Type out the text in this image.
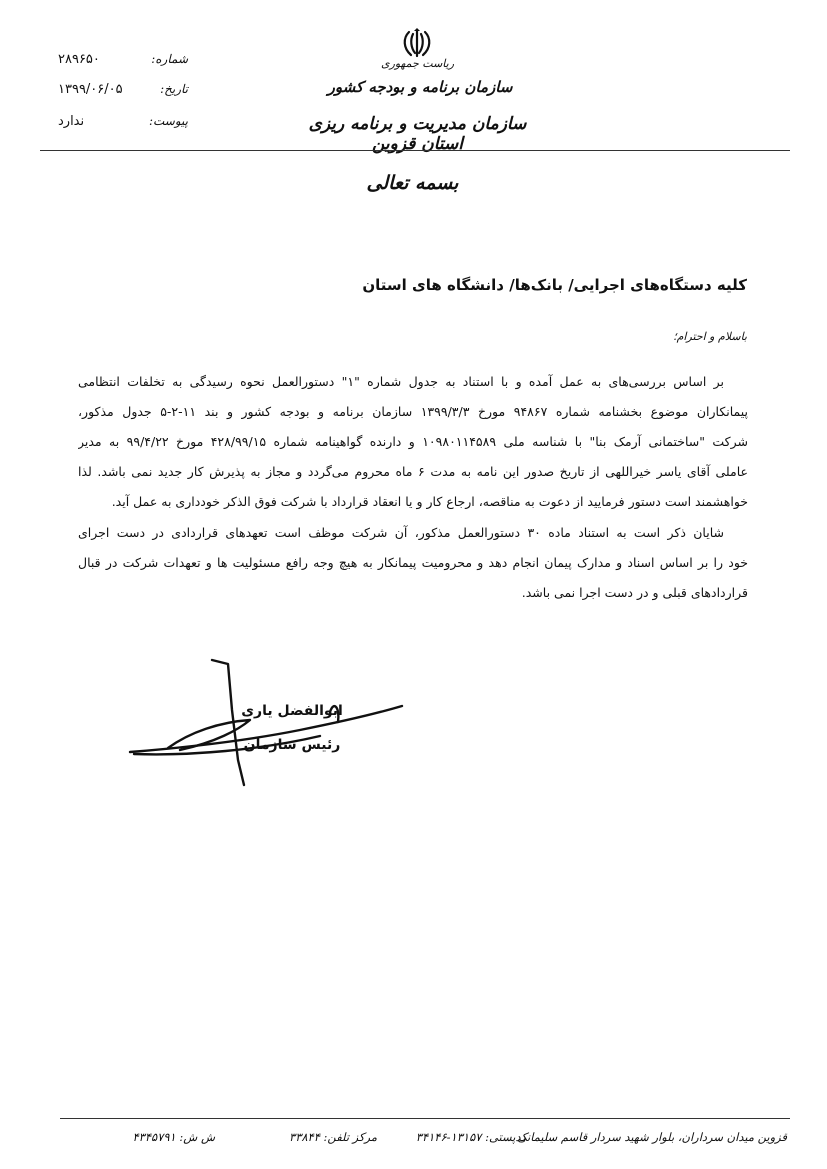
۲۸۹۶۵۰	شماره:
۱۳۹۹/۰۶/۰۵	تاریخ:
ندارد	پیوست:
ریاست جمهوری
سازمان برنامه و بودجه کشور
سازمان مدیریت و برنامه ریزی استان قزوین
بسمه تعالی
کلیه دستگاه‌های اجرایی/ بانک‌ها/ دانشگاه های استان
باسلام و احترام؛
بر اساس بررسی‌های به عمل آمده و با استناد به جدول شماره "۱" دستورالعمل نحوه رسیدگی به تخلفات انتظامی
پیمانکاران موضوع بخشنامه شماره ۹۴۸۶۷ مورخ ۱۳۹۹/۳/۳ سازمان برنامه و بودجه کشور و بند ۱۱-۲-۵ جدول مذکور،
شرکت "ساختمانی آرمک بنا" با شناسه ملی ۱۰۹۸۰۱۱۴۵۸۹ و دارنده گواهینامه شماره ۴۲۸/۹۹/۱۵ مورخ ۹۹/۴/۲۲ به مدیر
عاملی آقای یاسر خیراللهی از تاریخ صدور این نامه به مدت ۶ ماه محروم می‌گردد و مجاز به پذیرش کار جدید نمی باشد. لذا
خواهشمند است دستور فرمایید از دعوت به مناقصه، ارجاع کار و یا انعقاد قرارداد با شرکت فوق الذکر خودداری به عمل آید.
شایان ذکر است به استناد ماده ۳۰ دستورالعمل مذکور، آن شرکت موظف است تعهدهای قراردادی در دست اجرای
خود را بر اساس اسناد و مدارک پیمان انجام دهد و محرومیت پیمانکار به هیچ وجه رافع مسئولیت ها و تعهدات شرکت در قبال
قراردادهای قبلی و در دست اجرا نمی باشد.
ابوالفضل یاری
رئیس سازمان
قزوین میدان سرداران، بلوار شهید سردار قاسم سلیمانی
کدپستی: ۱۳۱۵۷-۳۴۱۴۶
مرکز تلفن: ۳۳۸۴۴
ش ش: ۴۳۴۵۷۹۱
